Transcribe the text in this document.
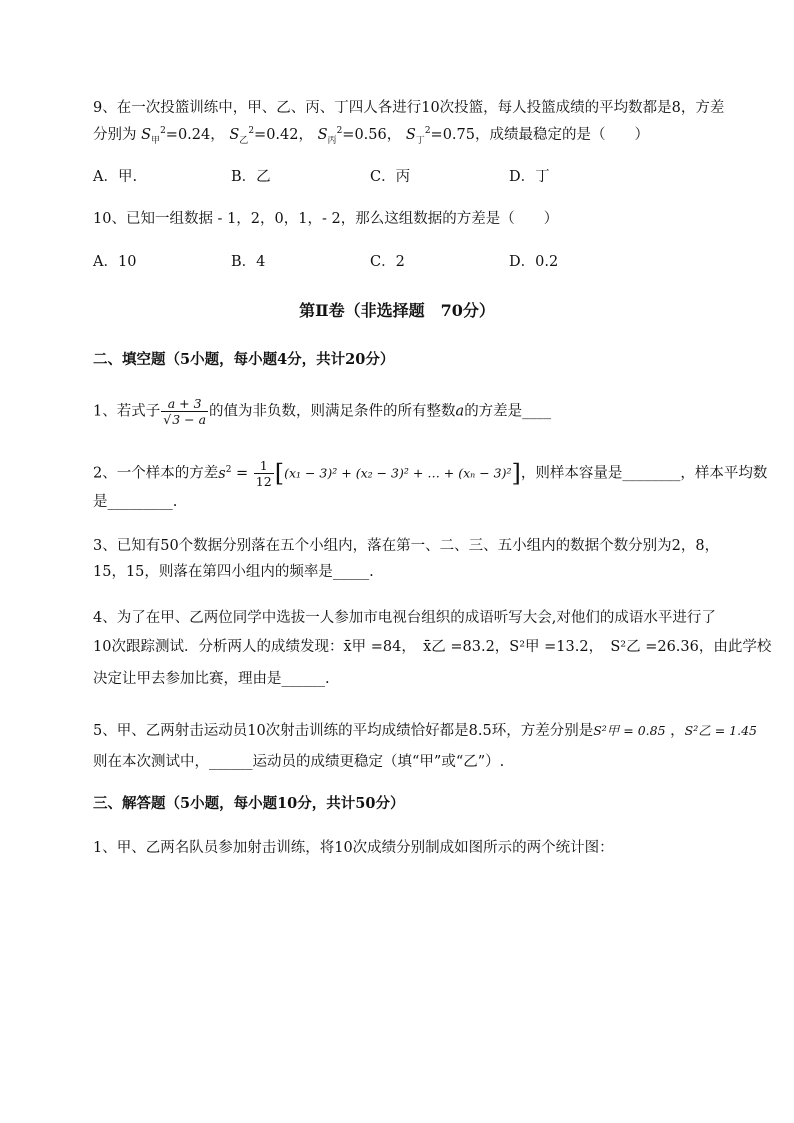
9、在一次投篮训练中，甲、乙、丙、丁四人各进行10次投篮，每人投篮成绩的平均数都是8，方差
分别为 $S_甲^2=0.24$， $S_乙^2=0.42$， $S_丙^2=0.56$， $S_丁^2=0.75$，成绩最稳定的是（　　）
A．甲.	B．乙	C．丙	D．丁
10、已知一组数据 - 1，2，0，1，- 2，那么这组数据的方差是（　　）
A．10	B．4	C．2	D．0.2
第Ⅱ卷（非选择题　70分）
二、填空题（5小题，每小题4分，共计20分）
1、若式子 $\frac{a + 3}{√3 - a}$ 的值为非负数，则满足条件的所有整数a的方差是____
2、一个样本的方差$s^2 = \frac{1}{12} [(x_1 - 3)^2 + (x_2 - 3)^2$ + … + (xₙ − 3)²]，则样本容量是________，样本平均数
是_________.
3、已知有50个数据分别落在五个小组内，落在第一、二、三、五小组内的数据个数分别为2，8，
15，15，则落在第四小组内的频率是_____.
4、为了在甲、乙两位同学中选拔一人参加市电视台组织的成语听写大会,对他们的成语水平进行了
10次跟踪测试．分析两人的成绩发现：x̄甲 =84，　x̄乙 =83.2，S²甲 =13.2，　S²乙 =26.36，由此学校
决定让甲去参加比赛，理由是______.
5、甲、乙两射击运动员10次射击训练的平均成绩恰好都是8.5环，方差分别是S²甲 = 0.85 ，S²乙 = 1.45
则在本次测试中，______运动员的成绩更稳定（填“甲”或“乙”）.
三、解答题（5小题，每小题10分，共计50分）
1、甲、乙两名队员参加射击训练，将10次成绩分别制成如图所示的两个统计图：
